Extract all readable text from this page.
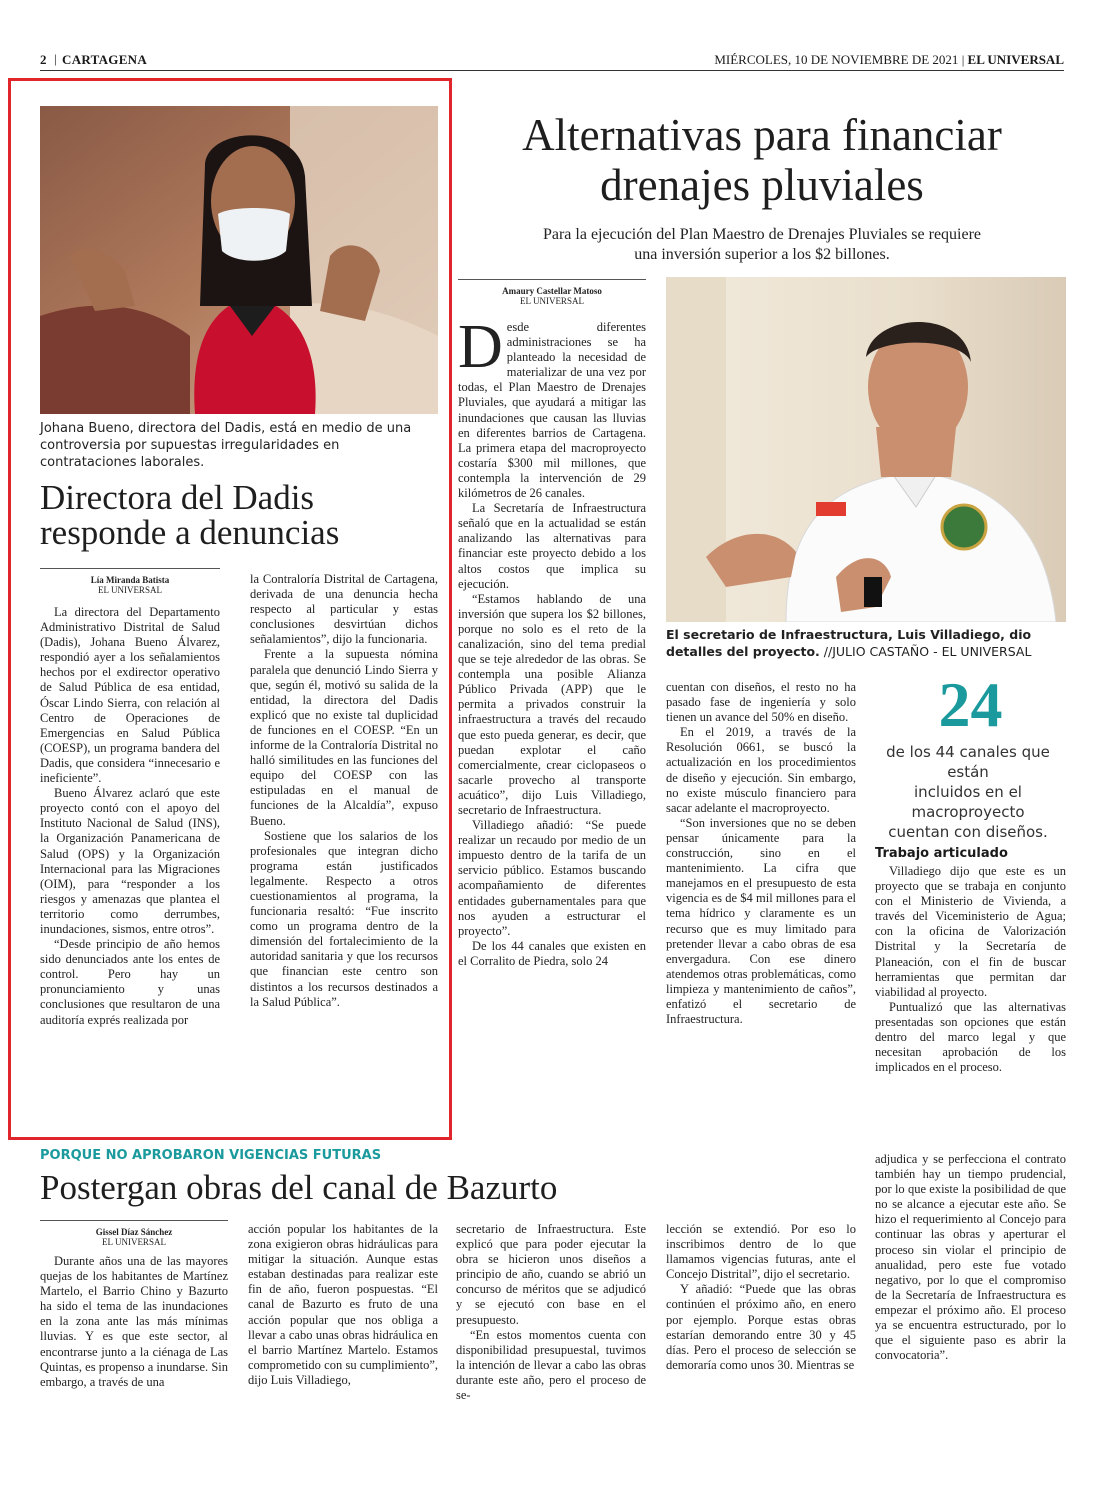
2 | CARTAGENA	MIÉRCOLES, 10 DE NOVIEMBRE DE 2021 | EL UNIVERSAL
Johana Bueno, directora del Dadis, está en medio de una controversia por supuestas irregularidades en contrataciones laborales.
Directora del Dadis
responde a denuncias
Lía Miranda Batista
EL UNIVERSAL

La directora del Departamento Administrativo Distrital de Salud (Dadis), Johana Bueno Álvarez, respondió ayer a los señalamientos hechos por el exdirector operativo de Salud Pública de esa entidad, Óscar Lindo Sierra, con relación al Centro de Operaciones de Emergencias en Salud Pública (COESP), un programa bandera del Dadis, que considera “innecesario e ineficiente”.

Bueno Álvarez aclaró que este proyecto contó con el apoyo del Instituto Nacional de Salud (INS), la Organización Panamericana de Salud (OPS) y la Organización Internacional para las Migraciones (OIM), para “responder a los riesgos y amenazas que plantea el territorio como derrumbes, inundaciones, sismos, entre otros”.

“Desde principio de año hemos sido denunciados ante los entes de control. Pero hay un pronunciamiento y unas conclusiones que resultaron de una auditoría exprés realizada por

la Contraloría Distrital de Cartagena, derivada de una denuncia hecha respecto al particular y estas conclusiones desvirtúan dichos señalamientos”, dijo la funcionaria.

Frente a la supuesta nómina paralela que denunció Lindo Sierra y que, según él, motivó su salida de la entidad, la directora del Dadis explicó que no existe tal duplicidad de funciones en el COESP. “En un informe de la Contraloría Distrital no halló similitudes en las funciones del equipo del COESP con las estipuladas en el manual de funciones de la Alcaldía”, expuso Bueno.

Sostiene que los salarios de los profesionales que integran dicho programa están justificados legalmente. Respecto a otros cuestionamientos al programa, la funcionaria resaltó: “Fue inscrito como un programa dentro de la dimensión del fortalecimiento de la autoridad sanitaria y que los recursos que financian este centro son distintos a los recursos destinados a la Salud Pública”.

Alternativas para financiar
drenajes pluviales
Para la ejecución del Plan Maestro de Drenajes Pluviales se requiere
una inversión superior a los $2 billones.
Amaury Castellar Matoso
EL UNIVERSAL
D esde diferentes administraciones se ha planteado la necesidad de materializar de una vez por todas, el Plan Maestro de Drenajes Pluviales, que ayudará a mitigar las inundaciones que causan las lluvias en diferentes barrios de Cartagena. La primera etapa del macroproyecto costaría $300 mil millones, que contempla la intervención de 29 kilómetros de 26 canales.

La Secretaría de Infraestructura señaló que en la actualidad se están analizando las alternativas para financiar este proyecto debido a los altos costos que implica su ejecución.

“Estamos hablando de una inversión que supera los $2 billones, porque no solo es el reto de la canalización, sino del tema predial que se teje alrededor de las obras. Se contempla una posible Alianza Público Privada (APP) que le permita a privados construir la infraestructura a través del recaudo que esto pueda generar, es decir, que puedan explotar el caño comercialmente, crear ciclopaseos o sacarle provecho al transporte acuático”, dijo Luis Villadiego, secretario de Infraestructura.

Villadiego añadió: “Se puede realizar un recaudo por medio de un impuesto dentro de la tarifa de un servicio público. Estamos buscando acompañamiento de diferentes entidades gubernamentales para que nos ayuden a estructurar el proyecto”.

De los 44 canales que existen en el Corralito de Piedra, solo 24

El secretario de Infraestructura, Luis Villadiego, dio detalles del proyecto. //JULIO CASTAÑO - EL UNIVERSAL

cuentan con diseños, el resto no ha pasado fase de ingeniería y solo tienen un avance del 50% en diseño.

En el 2019, a través de la Resolución 0661, se buscó la actualización en los procedimientos de diseño y ejecución. Sin embargo, no existe músculo financiero para sacar adelante el macroproyecto.

“Son inversiones que no se deben pensar únicamente para la construcción, sino en el mantenimiento. La cifra que manejamos en el presupuesto de esta vigencia es de $4 mil millones para el tema hídrico y claramente es un recurso que es muy limitado para pretender llevar a cabo obras de esa envergadura. Con ese dinero atendemos otras problemáticas, como limpieza y mantenimiento de caños”, enfatizó el secretario de Infraestructura.

24
de los 44 canales que están
incluidos en el macroproyecto
cuentan con diseños.
Trabajo articulado

Villadiego dijo que este es un proyecto que se trabaja en conjunto con el Ministerio de Vivienda, a través del Viceministerio de Agua; con la oficina de Valorización Distrital y la Secretaría de Planeación, con el fin de buscar herramientas que permitan dar viabilidad al proyecto.

Puntualizó que las alternativas presentadas son opciones que están dentro del marco legal y que necesitan aprobación de los implicados en el proceso.

PORQUE NO APROBARON VIGENCIAS FUTURAS
Postergan obras del canal de Bazurto
Gissel Díaz Sánchez
EL UNIVERSAL

Durante años una de las mayores quejas de los habitantes de Martínez Martelo, el Barrio Chino y Bazurto ha sido el tema de las inundaciones en la zona ante las más mínimas lluvias. Y es que este sector, al encontrarse junto a la ciénaga de Las Quintas, es propenso a inundarse. Sin embargo, a través de una

acción popular los habitantes de la zona exigieron obras hidráulicas para mitigar la situación. Aunque estas estaban destinadas para realizar este fin de año, fueron pospuestas. “El canal de Bazurto es fruto de una acción popular que nos obliga a llevar a cabo unas obras hidráulica en el barrio Martínez Martelo. Estamos comprometido con su cumplimiento”, dijo Luis Villadiego,

secretario de Infraestructura. Este explicó que para poder ejecutar la obra se hicieron unos diseños a principio de año, cuando se abrió un concurso de méritos que se adjudicó y se ejecutó con base en el presupuesto.

“En estos momentos cuenta con disponibilidad presupuestal, tuvimos la intención de llevar a cabo las obras durante este año, pero el proceso de se-

lección se extendió. Por eso lo inscribimos dentro de lo que llamamos vigencias futuras, ante el Concejo Distrital”, dijo el secretario.

Y añadió: “Puede que las obras continúen el próximo año, en enero por ejemplo. Porque estas obras estarían demorando entre 30 y 45 días. Pero el proceso de selección se demoraría como unos 30. Mientras se

adjudica y se perfecciona el contrato también hay un tiempo prudencial, por lo que existe la posibilidad de que no se alcance a ejecutar este año. Se hizo el requerimiento al Concejo para continuar las obras y aperturar el proceso sin violar el principio de anualidad, pero este fue votado negativo, por lo que el compromiso de la Secretaría de Infraestructura es empezar el próximo año. El proceso ya se encuentra estructurado, por lo que el siguiente paso es abrir la convocatoria”.
